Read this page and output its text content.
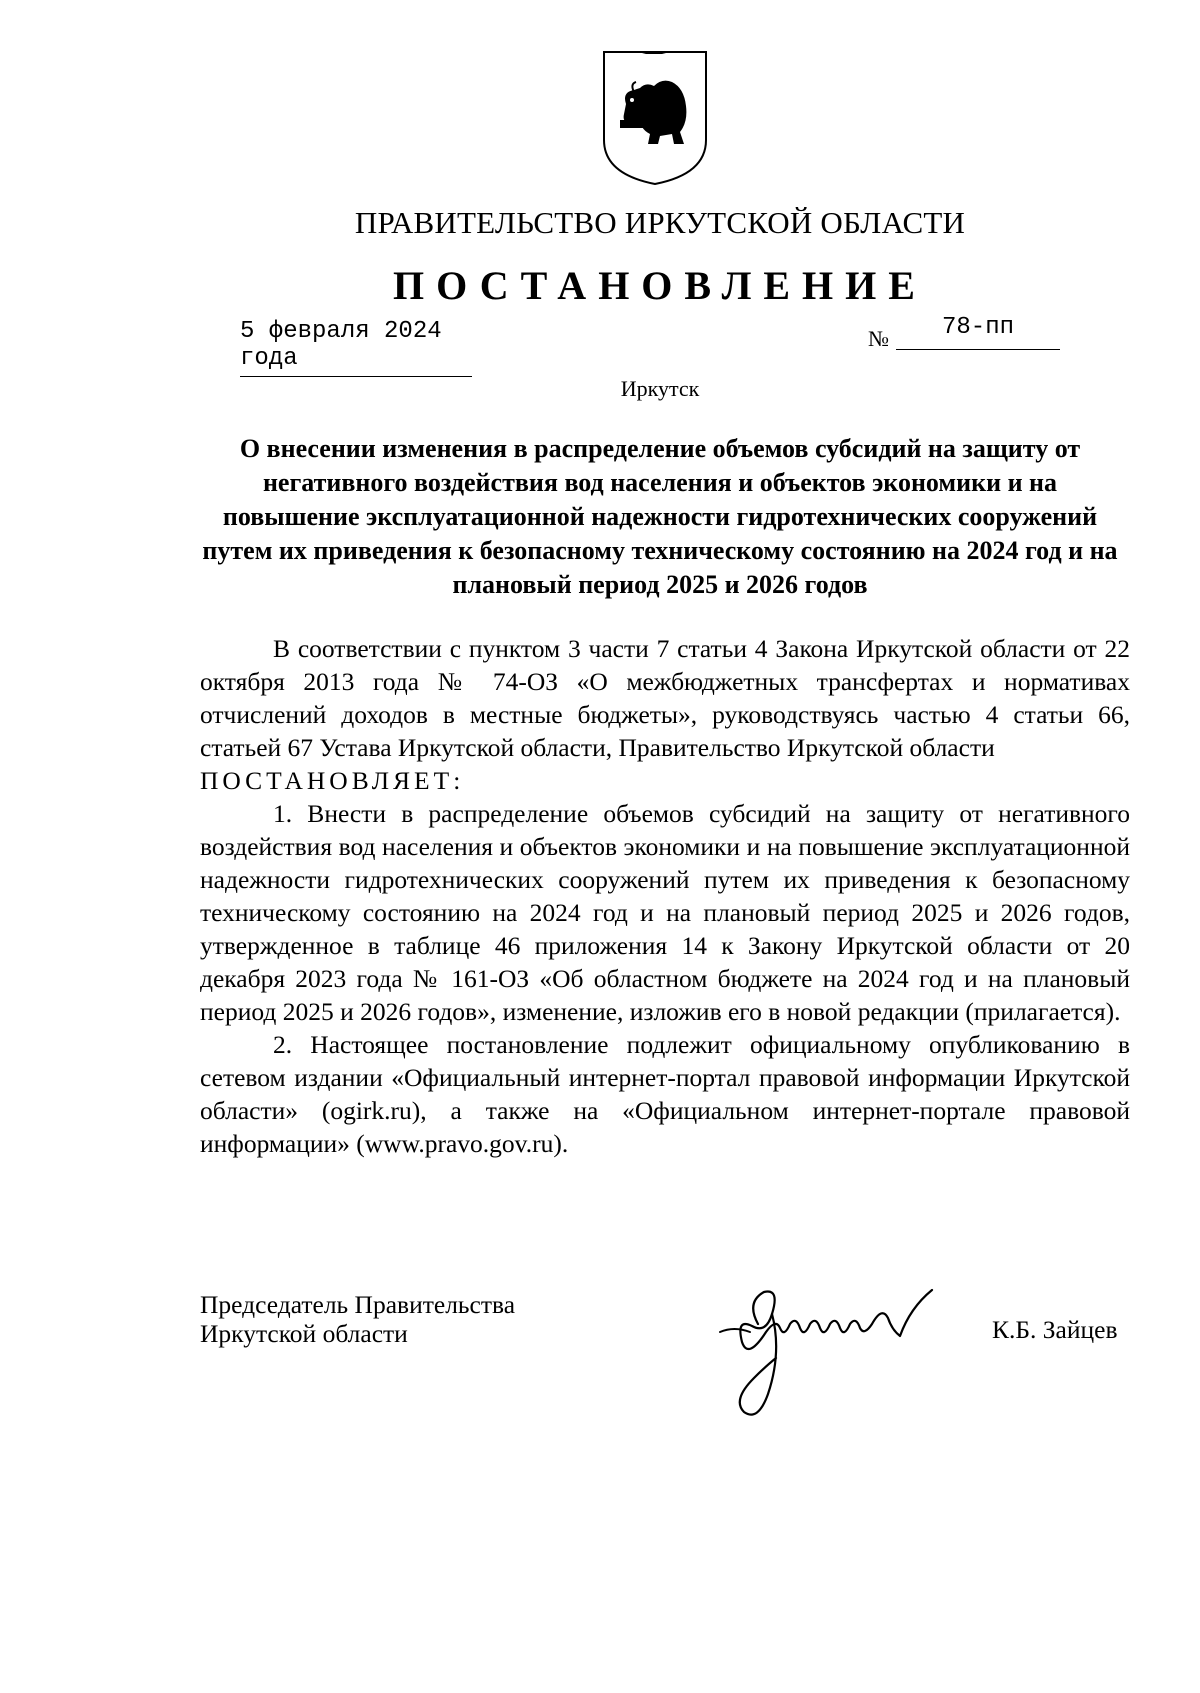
ПРАВИТЕЛЬСТВО ИРКУТСКОЙ ОБЛАСТИ
ПОСТАНОВЛЕНИЕ
5 февраля 2024 года
№	78-пп
Иркутск
О внесении изменения в распределение объемов субсидий на защиту от негативного воздействия вод населения и объектов экономики и на повышение эксплуатационной надежности гидротехнических сооружений путем их приведения к безопасному техническому состоянию на 2024 год и на плановый период 2025 и 2026 годов

В соответствии с пунктом 3 части 7 статьи 4 Закона Иркутской области от 22 октября 2013 года № 74-ОЗ «О межбюджетных трансфертах и нормативах отчислений доходов в местные бюджеты», руководствуясь частью 4 статьи 66, статьей 67 Устава Иркутской области, Правительство Иркутской области

ПОСТАНОВЛЯЕТ:

1. Внести в распределение объемов субсидий на защиту от негативного воздействия вод населения и объектов экономики и на повышение эксплуатационной надежности гидротехнических сооружений путем их приведения к безопасному техническому состоянию на 2024 год и на плановый период 2025 и 2026 годов, утвержденное в таблице 46 приложения 14 к Закону Иркутской области от 20 декабря 2023 года № 161-ОЗ «Об областном бюджете на 2024 год и на плановый период 2025 и 2026 годов», изменение, изложив его в новой редакции (прилагается).

2. Настоящее постановление подлежит официальному опубликованию в сетевом издании «Официальный интернет-портал правовой информации Иркутской области» (ogirk.ru), а также на «Официальном интернет-портале правовой информации» (www.pravo.gov.ru).

Председатель Правительства
Иркутской области	К.Б. Зайцев
